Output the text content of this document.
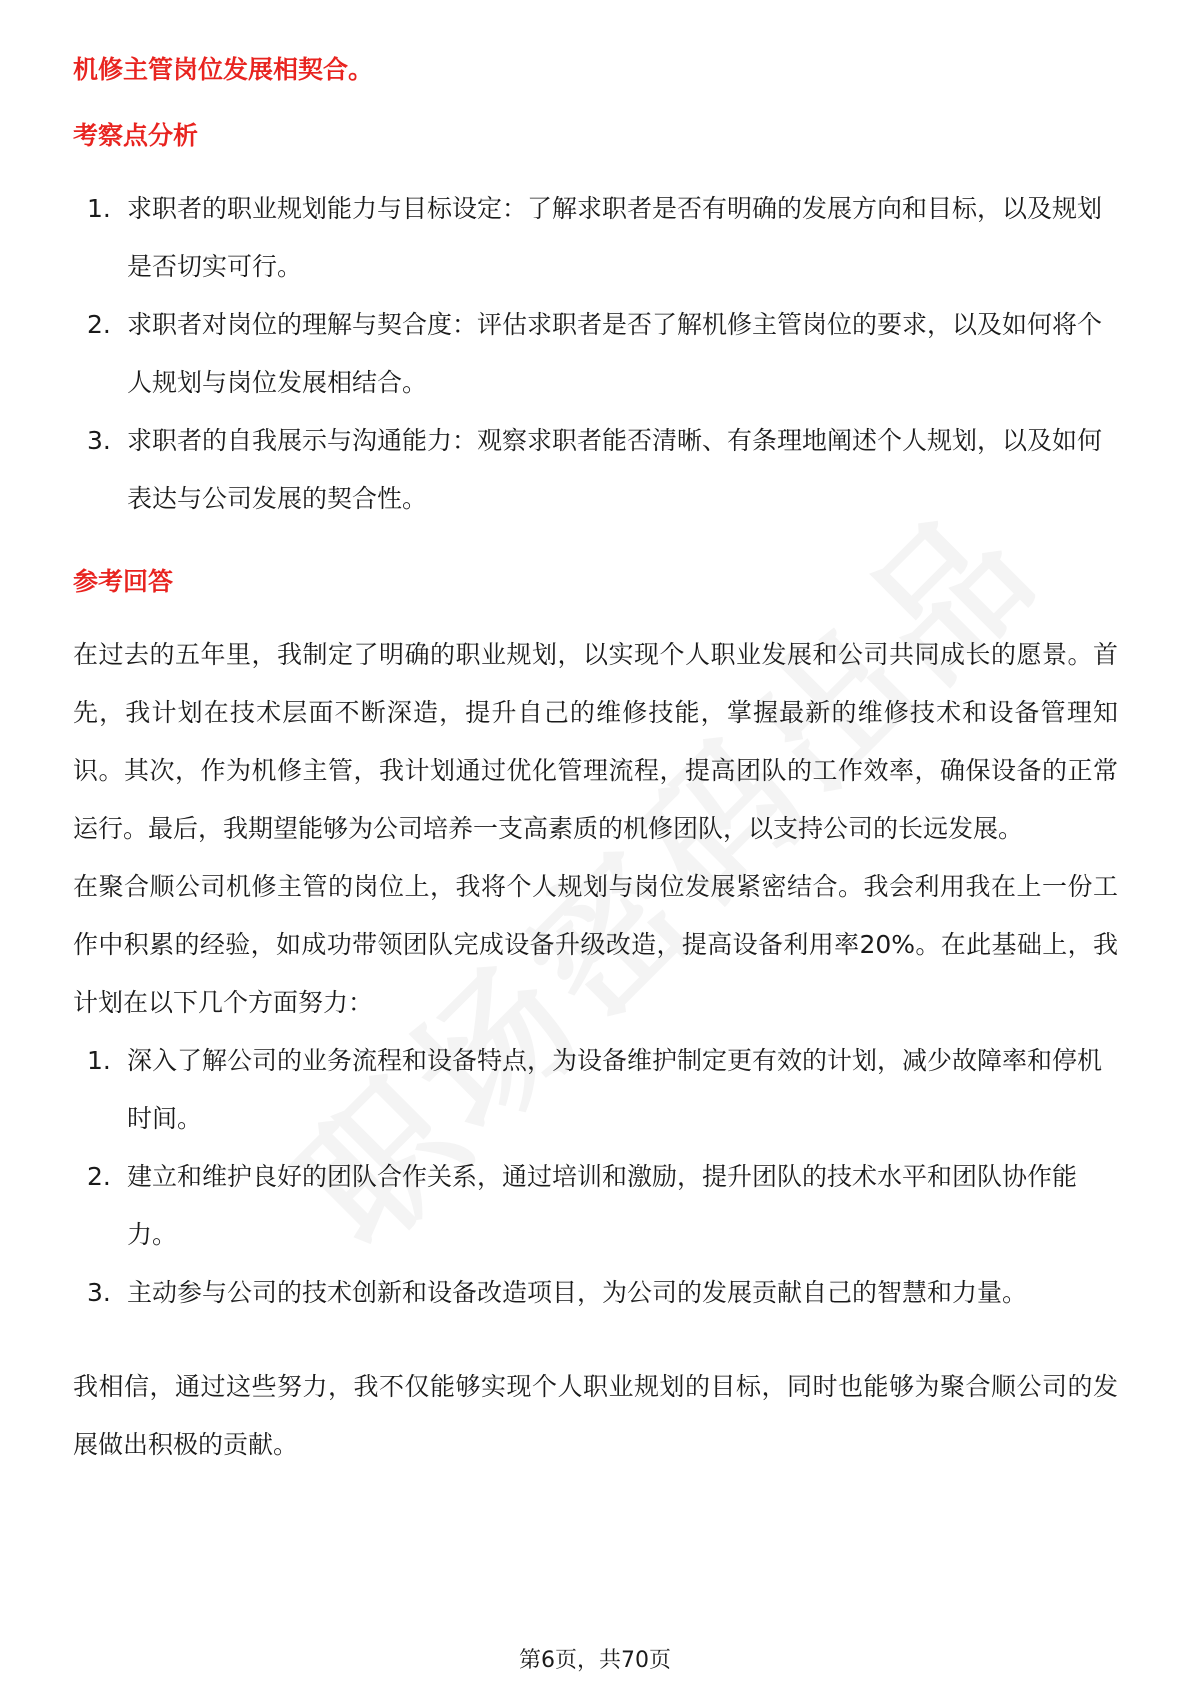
机修主管岗位发展相契合。

考察点分析

1. 求职者的职业规划能力与目标设定：了解求职者是否有明确的发展方向和目标，以及规划是否切实可行。
2. 求职者对岗位的理解与契合度：评估求职者是否了解机修主管岗位的要求，以及如何将个人规划与岗位发展相结合。
3. 求职者的自我展示与沟通能力：观察求职者能否清晰、有条理地阐述个人规划，以及如何表达与公司发展的契合性。

参考回答

在过去的五年里，我制定了明确的职业规划，以实现个人职业发展和公司共同成长的愿景。首先，我计划在技术层面不断深造，提升自己的维修技能，掌握最新的维修技术和设备管理知识。其次，作为机修主管，我计划通过优化管理流程，提高团队的工作效率，确保设备的正常运行。最后，我期望能够为公司培养一支高素质的机修团队，以支持公司的长远发展。

在聚合顺公司机修主管的岗位上，我将个人规划与岗位发展紧密结合。我会利用我在上一份工作中积累的经验，如成功带领团队完成设备升级改造，提高设备利用率20%。在此基础上，我计划在以下几个方面努力：

1. 深入了解公司的业务流程和设备特点，为设备维护制定更有效的计划，减少故障率和停机时间。
2. 建立和维护良好的团队合作关系，通过培训和激励，提升团队的技术水平和团队协作能力。
3. 主动参与公司的技术创新和设备改造项目，为公司的发展贡献自己的智慧和力量。

我相信，通过这些努力，我不仅能够实现个人职业规划的目标，同时也能够为聚合顺公司的发展做出积极的贡献。

第6页，共70页
